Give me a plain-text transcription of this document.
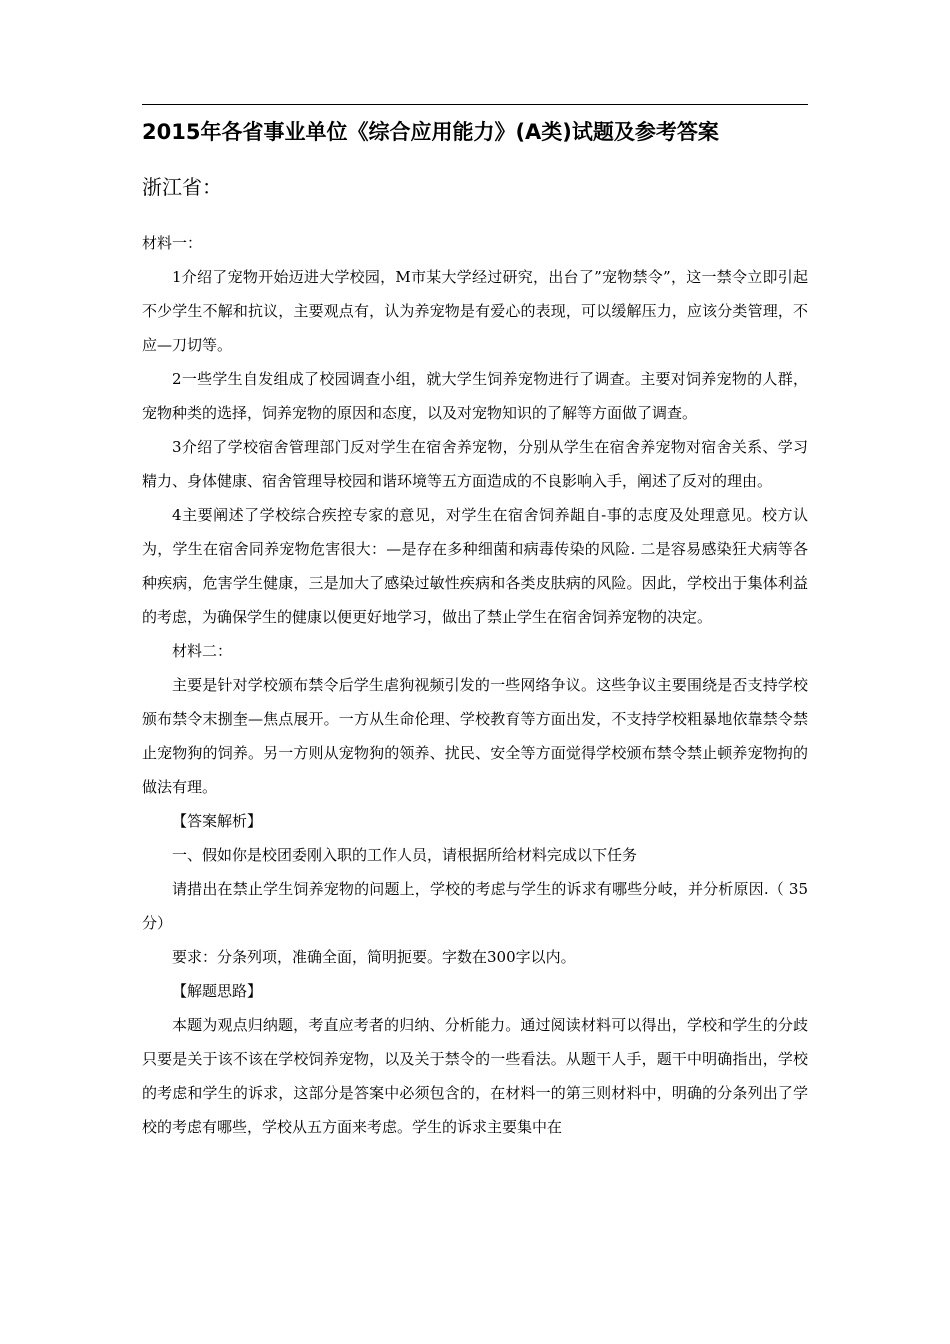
2015年各省事业单位《综合应用能力》(A类)试题及参考答案
浙江省：

材料一：

1介绍了宠物开始迈进大学校园，M市某大学经过研究，出台了”宠物禁令”，这一禁令立即引起不少学生不解和抗议，主要观点有，认为养宠物是有爱心的表现，可以缓解压力，应该分类管理，不应—刀切等。

2一些学生自发组成了校园调查小组，就大学生饲养宠物进行了调查。主要对饲养宠物的人群，宠物种类的选择，饲养宠物的原因和态度，以及对宠物知识的了解等方面做了调查。

3介绍了学校宿舍管理部门反对学生在宿舍养宠物，分别从学生在宿舍养宠物对宿舍关系、学习精力、身体健康、宿舍管理导校园和谐环境等五方面造成的不良影响入手，阐述了反对的理由。

4主要阐述了学校综合疾控专家的意见，对学生在宿舍饲养龃自-事的志度及处理意见。校方认为，学生在宿舍同养宠物危害很大：—是存在多种细菌和病毒传染的风险. 二是容易感染狂犬病等各种疾病，危害学生健康，三是加大了感染过敏性疾病和各类皮肤病的风险。因此，学校出于集体利益的考虑，为确保学生的健康以便更好地学习，做出了禁止学生在宿舍饲养宠物的决定。

材料二：

主要是针对学校颁布禁令后学生虐狗视频引发的一些网络争议。这些争议主要围绕是否支持学校颁布禁令末捌奎—焦点展开。一方从生命伦理、学校教育等方面出发，不支持学校粗暴地依靠禁令禁止宠物狗的饲养。另一方则从宠物狗的领养、扰民、安全等方面觉得学校颁布禁令禁止顿养宠物拘的做法有理。

【答案解析】

一、假如你是校团委刚入职的工作人员，请根据所给材料完成以下任务

请措出在禁止学生饲养宠物的问题上，学校的考虑与学生的诉求有哪些分岐，并分析原因.（ 35分）

要求：分条列项，准确全面，简明扼要。字数在300字以内。

【解题思路】

本题为观点归纳题，考直应考者的归纳、分析能力。通过阅读材料可以得出，学校和学生的分歧只要是关于该不该在学校饲养宠物，以及关于禁令的一些看法。从题干人手，题干中明确指出，学校的考虑和学生的诉求，这部分是答案中必须包含的，在材料一的第三则材料中，明确的分条列出了学校的考虑有哪些，学校从五方面来考虑。学生的诉求主要集中在
